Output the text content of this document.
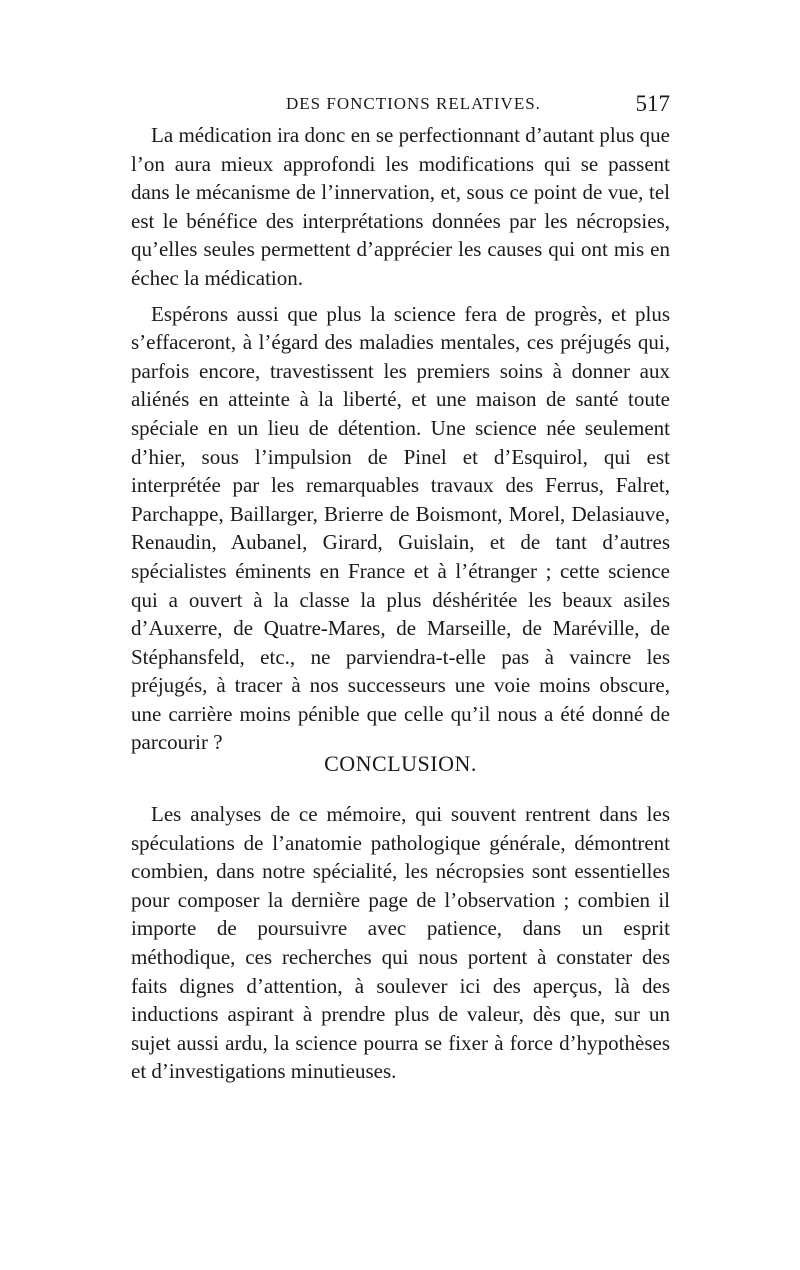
DES FONCTIONS RELATIVES.	517

La médication ira donc en se perfectionnant d’autant plus que l’on aura mieux approfondi les modifications qui se passent dans le mécanisme de l’innervation, et, sous ce point de vue, tel est le bénéfice des interprétations données par les nécropsies, qu’elles seules permettent d’apprécier les causes qui ont mis en échec la médication.

Espérons aussi que plus la science fera de progrès, et plus s’effaceront, à l’égard des maladies mentales, ces préjugés qui, parfois encore, travestissent les premiers soins à donner aux aliénés en atteinte à la liberté, et une maison de santé toute spéciale en un lieu de détention. Une science née seulement d’hier, sous l’impulsion de Pinel et d’Esquirol, qui est interprétée par les remarquables travaux des Ferrus, Falret, Parchappe, Baillarger, Brierre de Boismont, Morel, Delasiauve, Renaudin, Aubanel, Girard, Guislain, et de tant d’autres spécialistes éminents en France et à l’étranger ; cette science qui a ouvert à la classe la plus déshéritée les beaux asiles d’Auxerre, de Quatre-Mares, de Marseille, de Maréville, de Stéphansfeld, etc., ne parviendra-t-elle pas à vaincre les préjugés, à tracer à nos successeurs une voie moins obscure, une carrière moins pénible que celle qu’il nous a été donné de parcourir ?

CONCLUSION.

Les analyses de ce mémoire, qui souvent rentrent dans les spéculations de l’anatomie pathologique générale, démontrent combien, dans notre spécialité, les nécropsies sont essentielles pour composer la dernière page de l’observation ; combien il importe de poursuivre avec patience, dans un esprit méthodique, ces recherches qui nous portent à constater des faits dignes d’attention, à soulever ici des aperçus, là des inductions aspirant à prendre plus de valeur, dès que, sur un sujet aussi ardu, la science pourra se fixer à force d’hypothèses et d’investigations minutieuses.
